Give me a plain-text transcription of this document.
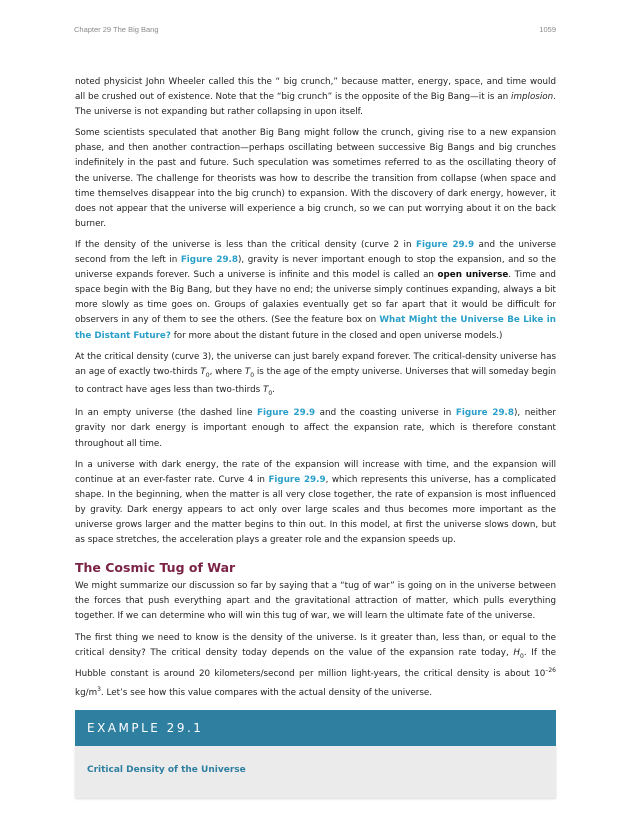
Chapter 29 The Big Bang	1059

noted physicist John Wheeler called this the “ big crunch,” because matter, energy, space, and time would all be crushed out of existence. Note that the “big crunch” is the opposite of the Big Bang—it is an implosion. The universe is not expanding but rather collapsing in upon itself.

Some scientists speculated that another Big Bang might follow the crunch, giving rise to a new expansion phase, and then another contraction—perhaps oscillating between successive Big Bangs and big crunches indefinitely in the past and future. Such speculation was sometimes referred to as the oscillating theory of the universe. The challenge for theorists was how to describe the transition from collapse (when space and time themselves disappear into the big crunch) to expansion. With the discovery of dark energy, however, it does not appear that the universe will experience a big crunch, so we can put worrying about it on the back burner.

If the density of the universe is less than the critical density (curve 2 in Figure 29.9 and the universe second from the left in Figure 29.8), gravity is never important enough to stop the expansion, and so the universe expands forever. Such a universe is infinite and this model is called an open universe. Time and space begin with the Big Bang, but they have no end; the universe simply continues expanding, always a bit more slowly as time goes on. Groups of galaxies eventually get so far apart that it would be difficult for observers in any of them to see the others. (See the feature box on What Might the Universe Be Like in the Distant Future? for more about the distant future in the closed and open universe models.)

At the critical density (curve 3), the universe can just barely expand forever. The critical-density universe has an age of exactly two-thirds $T_0$, where $T_0$ is the age of the empty universe. Universes that will someday begin to contract have ages less than two-thirds $T_0$.

In an empty universe (the dashed line Figure 29.9 and the coasting universe in Figure 29.8), neither gravity nor dark energy is important enough to affect the expansion rate, which is therefore constant throughout all time.

In a universe with dark energy, the rate of the expansion will increase with time, and the expansion will continue at an ever-faster rate. Curve 4 in Figure 29.9, which represents this universe, has a complicated shape. In the beginning, when the matter is all very close together, the rate of expansion is most influenced by gravity. Dark energy appears to act only over large scales and thus becomes more important as the universe grows larger and the matter begins to thin out. In this model, at first the universe slows down, but as space stretches, the acceleration plays a greater role and the expansion speeds up.

The Cosmic Tug of War

We might summarize our discussion so far by saying that a “tug of war” is going on in the universe between the forces that push everything apart and the gravitational attraction of matter, which pulls everything together. If we can determine who will win this tug of war, we will learn the ultimate fate of the universe.

The first thing we need to know is the density of the universe. Is it greater than, less than, or equal to the critical density? The critical density today depends on the value of the expansion rate today, $H_0$. If the Hubble constant is around 20 kilometers/second per million light-years, the critical density is about $10^{-26}$ $kg/m^3$. Let’s see how this value compares with the actual density of the universe.

EXAMPLE 29.1
Critical Density of the Universe
